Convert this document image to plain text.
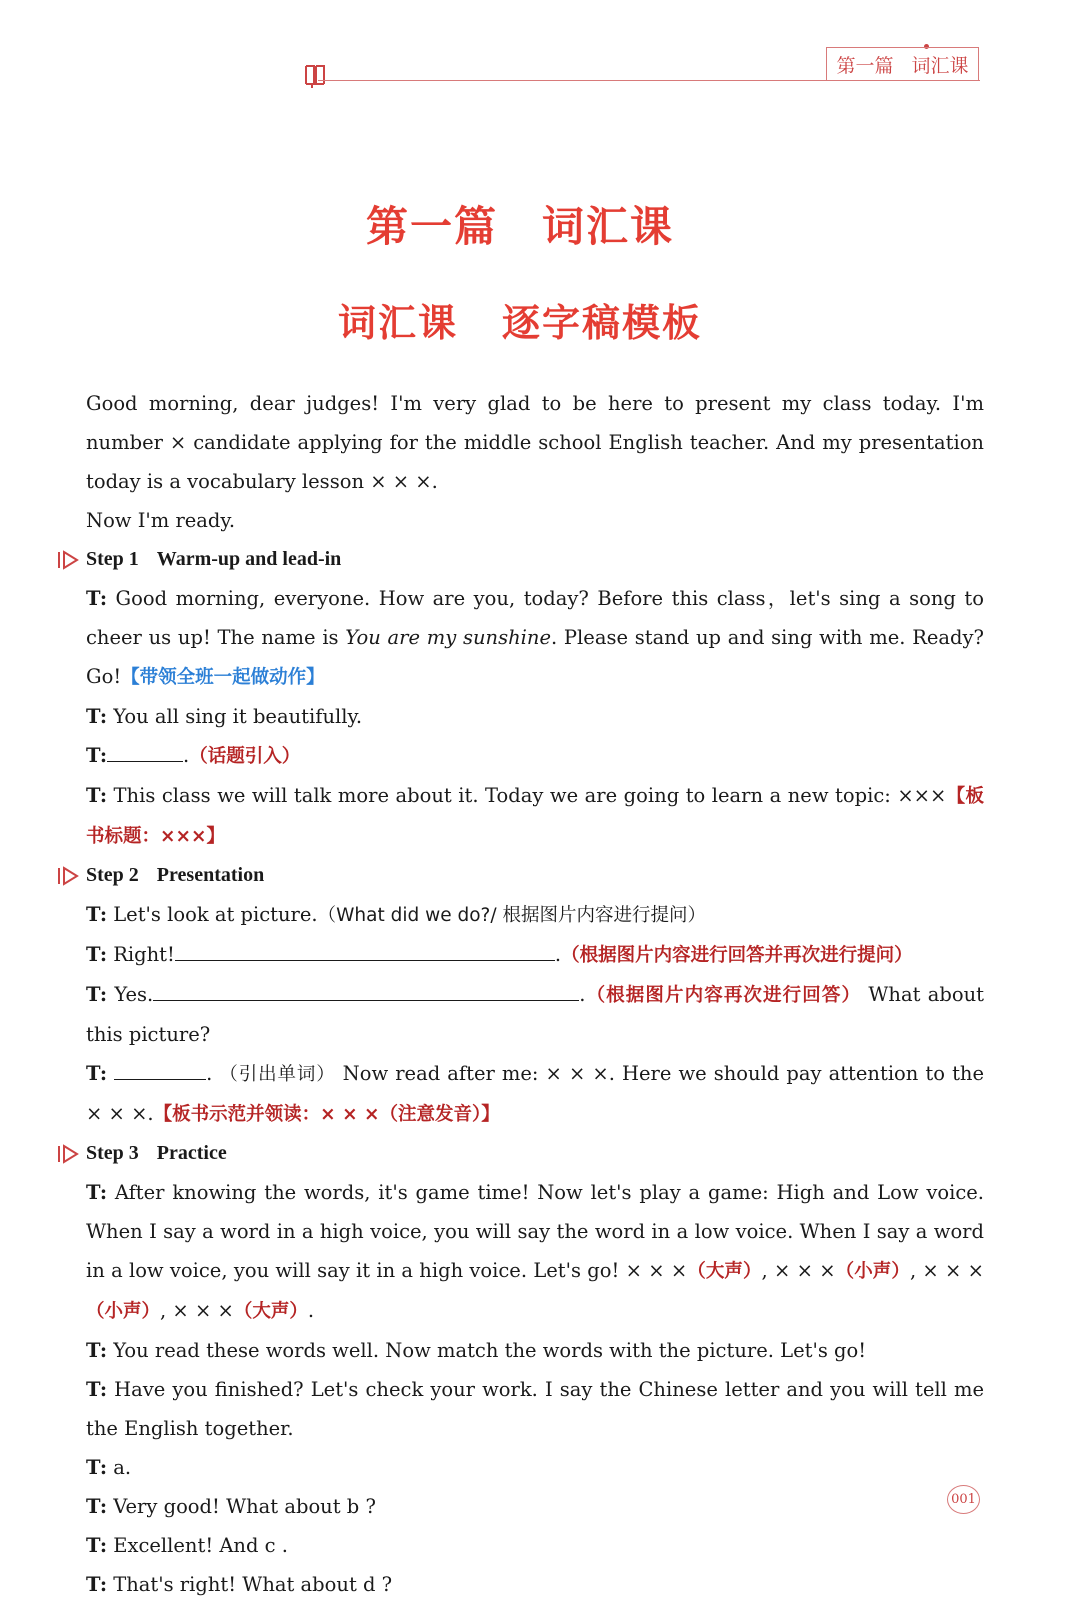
第一篇 词汇课
第一篇 词汇课
词汇课 逐字稿模板

Good morning, dear judges! I'm very glad to be here to present my class today. I'm number × candidate applying for the middle school English teacher. And my presentation today is a vocabulary lesson × × ×.

Now I'm ready.

Step 1 Warm-up and lead-in

T: Good morning, everyone. How are you, today? Before this class，let's sing a song to cheer us up! The name is You are my sunshine. Please stand up and sing with me. Ready? Go!【带领全班一起做动作】

T: You all sing it beautifully.

T:	.（话题引入）

T: This class we will talk more about it. Today we are going to learn a new topic: ×××【板书标题：×××】

Step 2 Presentation

T: Let's look at picture.（What did we do?/ 根据图片内容进行提问）

T: Right!	.（根据图片内容进行回答并再次进行提问）

T: Yes.	.（根据图片内容再次进行回答） What about this picture?

T:	. （引出单词） Now read after me: × × ×. Here we should pay attention to the × × ×.【板书示范并领读：× × ×（注意发音）】

Step 3 Practice

T: After knowing the words, it's game time! Now let's play a game: High and Low voice. When I say a word in a high voice, you will say the word in a low voice. When I say a word in a low voice, you will say it in a high voice. Let's go! × × ×（大声）, × × ×（小声）, × × ×（小声）, × × ×（大声）.

T: You read these words well. Now match the words with the picture. Let's go!

T: Have you finished? Let's check your work. I say the Chinese letter and you will tell me the English together.

T: a.

T: Very good! What about b ?

T: Excellent! And c .

T: That's right! What about d ?

001
